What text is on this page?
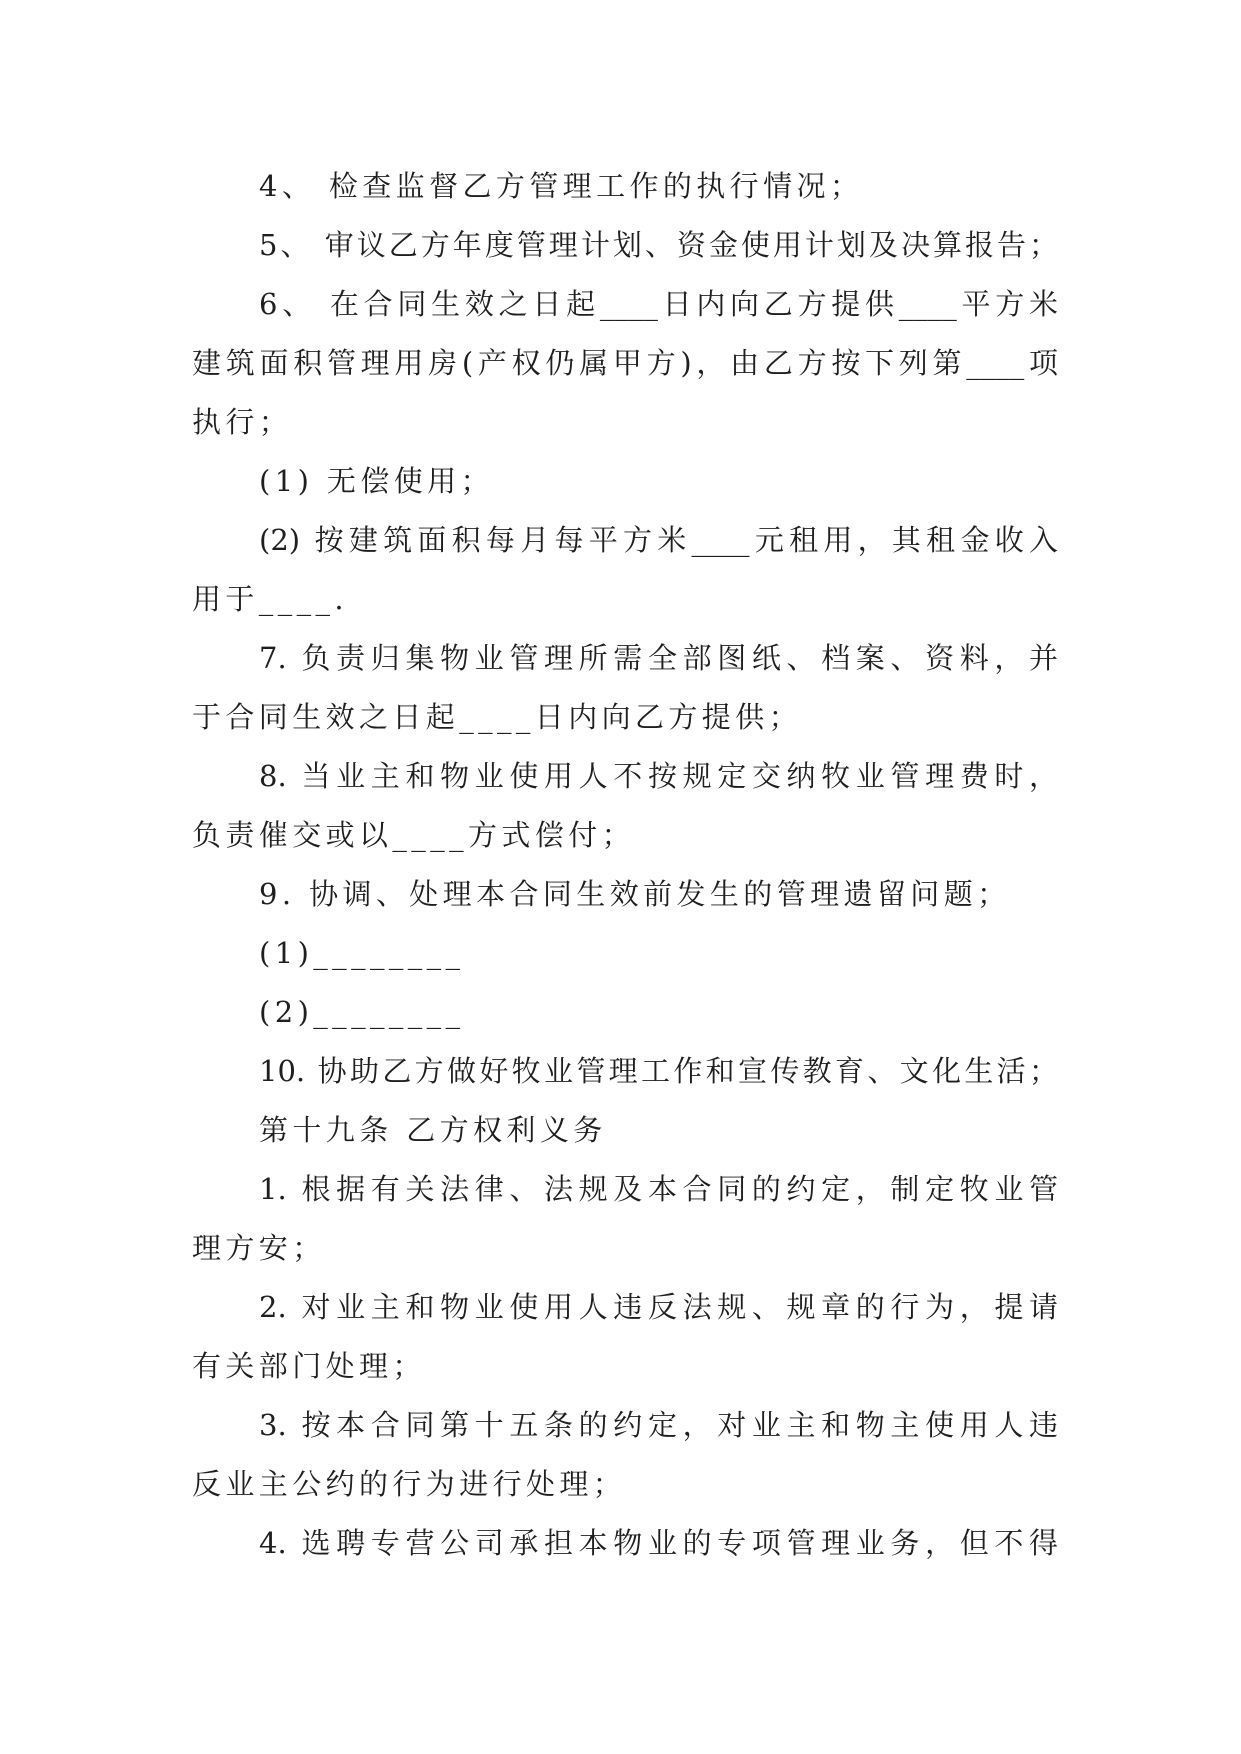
4、 检查监督乙方管理工作的执行情况；
5、 审议乙方年度管理计划、资金使用计划及决算报告；
6、 在合同生效之日起____日内向乙方提供____平方米
建筑面积管理用房(产权仍属甲方)，由乙方按下列第____项
执行；
(1) 无偿使用；
(2) 按建筑面积每月每平方米____元租用，其租金收入
用于____.
7. 负责归集物业管理所需全部图纸、档案、资料，并
于合同生效之日起____日内向乙方提供；
8. 当业主和物业使用人不按规定交纳牧业管理费时，
负责催交或以____方式偿付；
9. 协调、处理本合同生效前发生的管理遗留问题；
(1)________
(2)________
10. 协助乙方做好牧业管理工作和宣传教育、文化生活；
第十九条 乙方权利义务
1. 根据有关法律、法规及本合同的约定，制定牧业管
理方安；
2. 对业主和物业使用人违反法规、规章的行为，提请
有关部门处理；
3. 按本合同第十五条的约定，对业主和物主使用人违
反业主公约的行为进行处理；
4. 选聘专营公司承担本物业的专项管理业务，但不得
